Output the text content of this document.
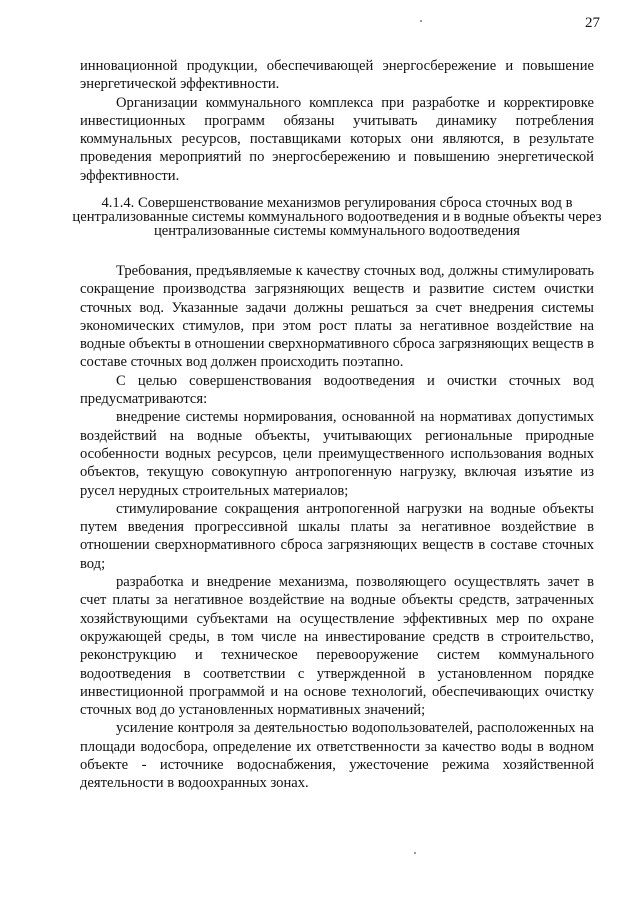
27

инновационной продукции, обеспечивающей энергосбережение и повышение энергетической эффективности.

Организации коммунального комплекса при разработке и корректировке инвестиционных программ обязаны учитывать динамику потребления коммунальных ресурсов, поставщиками которых они являются, в результате проведения мероприятий по энергосбережению и повышению энергетической эффективности.

4.1.4. Совершенствование механизмов регулирования сброса сточных вод в централизованные системы коммунального водоотведения и в водные объекты через централизованные системы коммунального водоотведения

Требования, предъявляемые к качеству сточных вод, должны стимулировать сокращение производства загрязняющих веществ и развитие систем очистки сточных вод. Указанные задачи должны решаться за счет внедрения системы экономических стимулов, при этом рост платы за негативное воздействие на водные объекты в отношении сверхнормативного сброса загрязняющих веществ в составе сточных вод должен происходить поэтапно.

С целью совершенствования водоотведения и очистки сточных вод предусматриваются:

внедрение системы нормирования, основанной на нормативах допустимых воздействий на водные объекты, учитывающих региональные природные особенности водных ресурсов, цели преимущественного использования водных объектов, текущую совокупную антропогенную нагрузку, включая изъятие из русел нерудных строительных материалов;

стимулирование сокращения антропогенной нагрузки на водные объекты путем введения прогрессивной шкалы платы за негативное воздействие в отношении сверхнормативного сброса загрязняющих веществ в составе сточных вод;

разработка и внедрение механизма, позволяющего осуществлять зачет в счет платы за негативное воздействие на водные объекты средств, затраченных хозяйствующими субъектами на осуществление эффективных мер по охране окружающей среды, в том числе на инвестирование средств в строительство, реконструкцию и техническое перевооружение систем коммунального водоотведения в соответствии с утвержденной в установленном порядке инвестиционной программой и на основе технологий, обеспечивающих очистку сточных вод до установленных нормативных значений;

усиление контроля за деятельностью водопользователей, расположенных на площади водосбора, определение их ответственности за качество воды в водном объекте - источнике водоснабжения, ужесточение режима хозяйственной деятельности в водоохранных зонах.
